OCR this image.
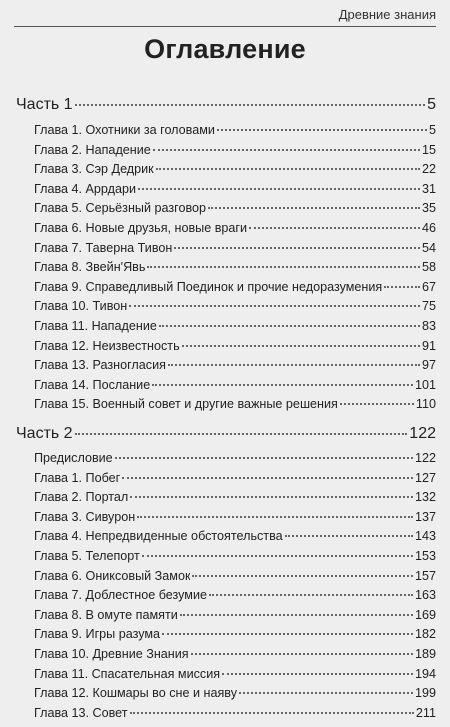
Древние знания
Оглавление
Часть 1	5
Глава 1. Охотники за головами	5
Глава 2. Нападение	15
Глава 3. Сэр Дедрик	22
Глава 4. Аррдари	31
Глава 5. Серьёзный разговор	35
Глава 6. Новые друзья, новые враги	46
Глава 7. Таверна Тивон	54
Глава 8. Звейн'Явь	58
Глава 9. Справедливый Поединок и прочие недоразумения	67
Глава 10. Тивон	75
Глава 11. Нападение	83
Глава 12. Неизвестность	91
Глава 13. Разногласия	97
Глава 14. Послание	101
Глава 15. Военный совет и другие важные решения	110
Часть 2	122
Предисловие	122
Глава 1. Побег	127
Глава 2. Портал	132
Глава 3. Сивурон	137
Глава 4. Непредвиденные обстоятельства	143
Глава 5. Телепорт	153
Глава 6. Ониксовый Замок	157
Глава 7. Доблестное безумие	163
Глава 8. В омуте памяти	169
Глава 9. Игры разума	182
Глава 10. Древние Знания	189
Глава 11. Спасательная миссия	194
Глава 12. Кошмары во сне и наяву	199
Глава 13. Совет	211
